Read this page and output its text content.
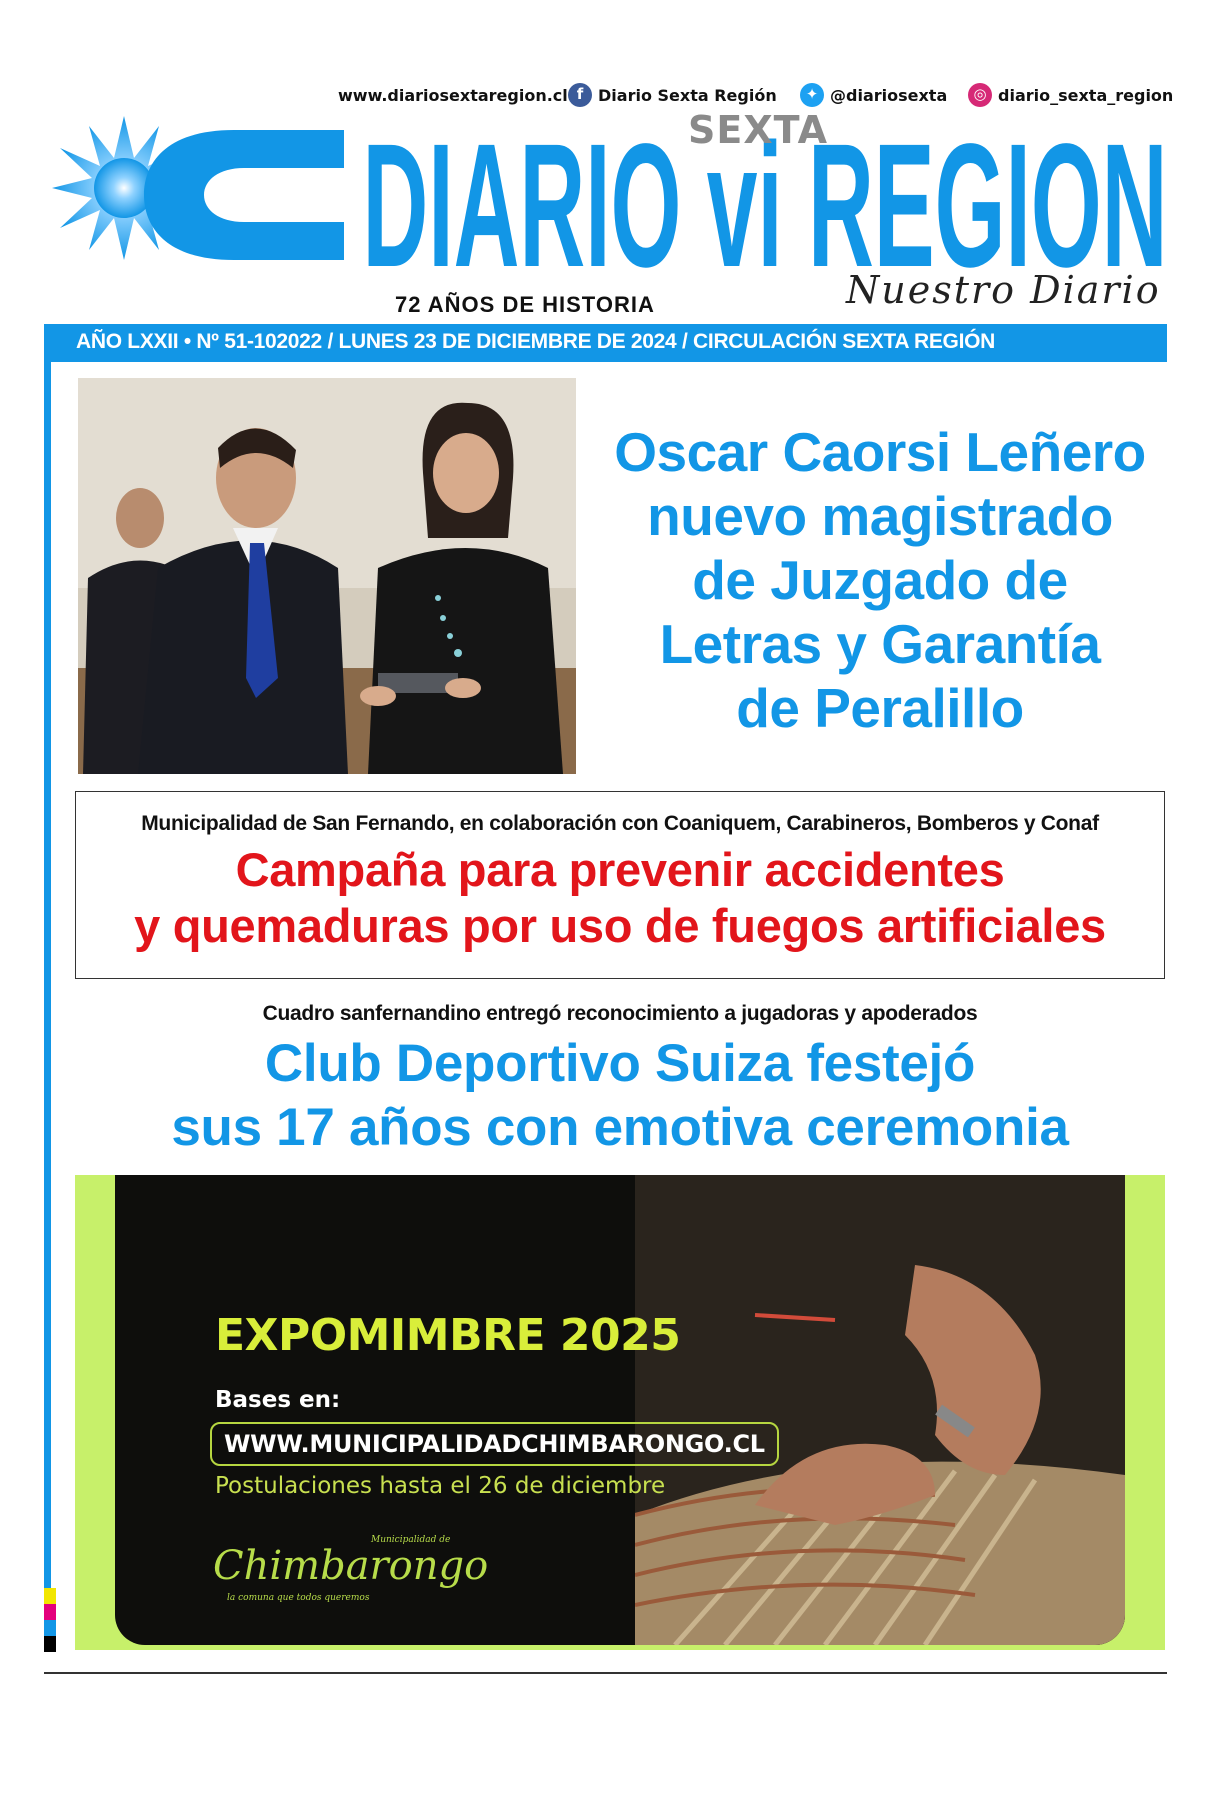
www.diariosextaregion.cl f Diario Sexta Región	✦ @diariosexta	◎ diario_sexta_region
DIARIO vi REGION
SEXTA
72 AÑOS DE HISTORIA	Nuestro Diario
AÑO LXXII • Nº 51-102022 / LUNES 23 DE DICIEMBRE DE 2024 / CIRCULACIÓN SEXTA REGIÓN
Oscar Caorsi Leñero
nuevo magistrado
de Juzgado de
Letras y Garantía
de Peralillo
Municipalidad de San Fernando, en colaboración con Coaniquem, Carabineros, Bomberos y Conaf
Campaña para prevenir accidentes
y quemaduras por uso de fuegos artificiales
Cuadro sanfernandino entregó reconocimiento a jugadoras y apoderados
Club Deportivo Suiza festejó
sus 17 años con emotiva ceremonia
EXPOMIMBRE 2025
Bases en:
WWW.MUNICIPALIDADCHIMBARONGO.CL
Postulaciones hasta el 26 de diciembre
Municipalidad de
Chimbarongo
la comuna que todos queremos
